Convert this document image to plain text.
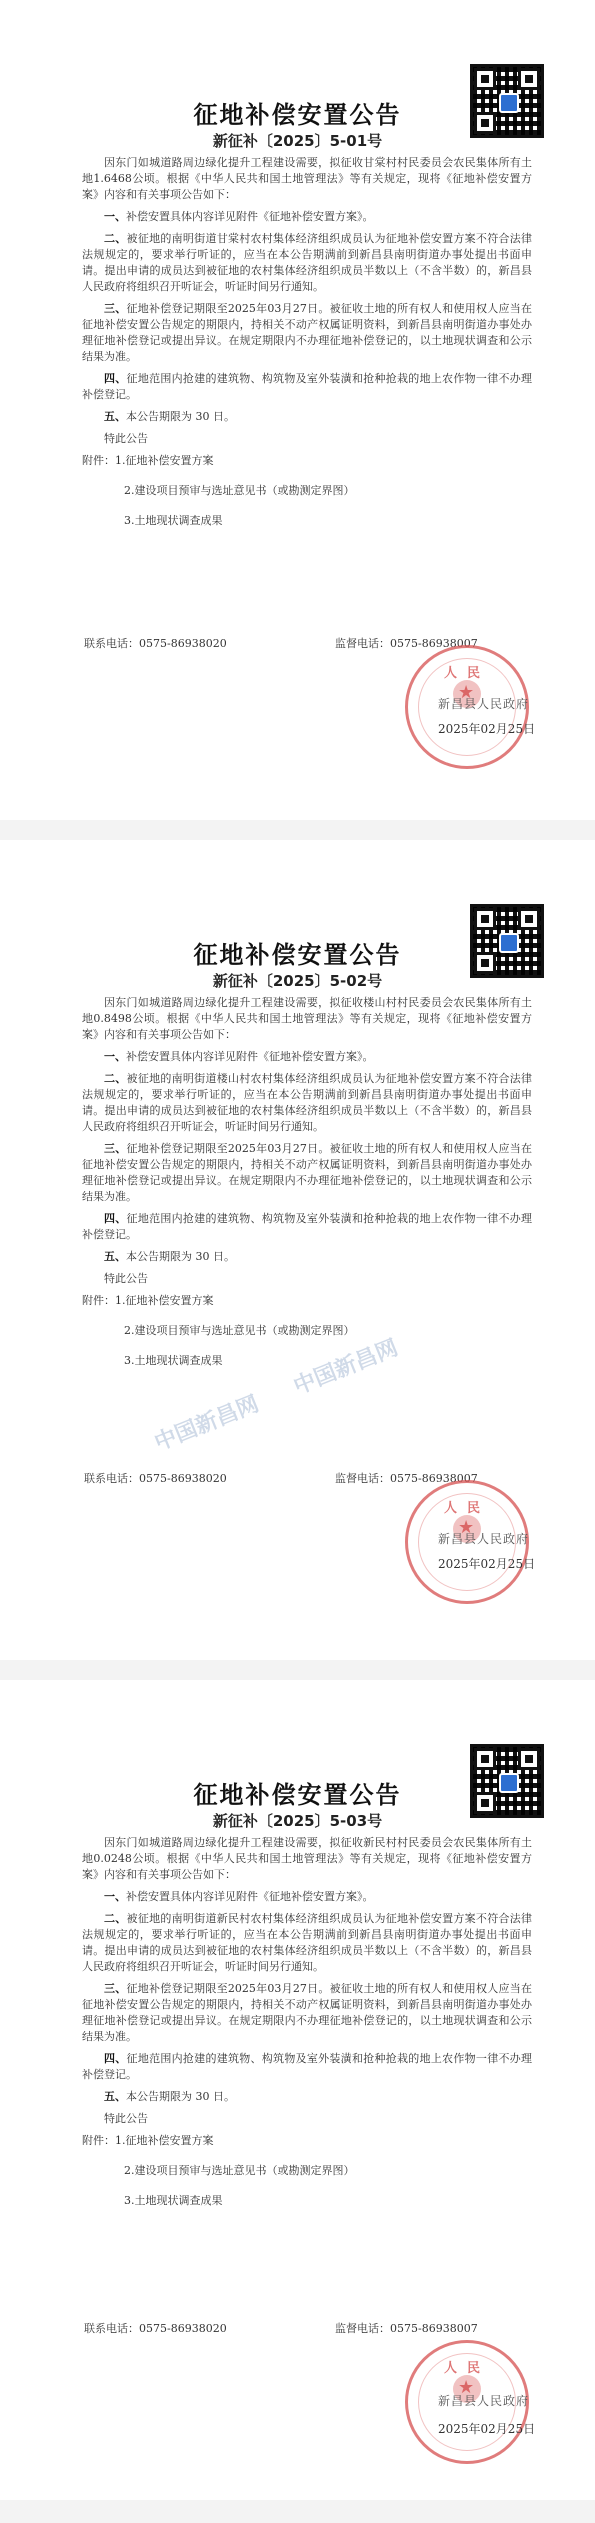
征地补偿安置公告
新征补〔2025〕5-01号

因东门如城道路周边绿化提升工程建设需要，拟征收甘棠村村民委员会农民集体所有土地1.6468公顷。根据《中华人民共和国土地管理法》等有关规定，现将《征地补偿安置方案》内容和有关事项公告如下：

一、补偿安置具体内容详见附件《征地补偿安置方案》。

二、被征地的南明街道甘棠村农村集体经济组织成员认为征地补偿安置方案不符合法律法规规定的，要求举行听证的，应当在本公告期满前到新昌县南明街道办事处提出书面申请。提出申请的成员达到被征地的农村集体经济组织成员半数以上（不含半数）的，新昌县人民政府将组织召开听证会，听证时间另行通知。

三、征地补偿登记期限至2025年03月27日。被征收土地的所有权人和使用权人应当在征地补偿安置公告规定的期限内，持相关不动产权属证明资料，到新昌县南明街道办事处办理征地补偿登记或提出异议。在规定期限内不办理征地补偿登记的，以土地现状调查和公示结果为准。

四、征地范围内抢建的建筑物、构筑物及室外装潢和抢种抢栽的地上农作物一律不办理补偿登记。

五、本公告期限为 30 日。

特此公告

附件：1.征地补偿安置方案
2.建设项目预审与选址意见书（或勘测定界图）
3.土地现状调查成果
联系电话：0575-86938020	监督电话：0575-86938007
人民
★
新昌县人民政府
2025年02月25日
征地补偿安置公告
新征补〔2025〕5-02号

因东门如城道路周边绿化提升工程建设需要，拟征收楼山村村民委员会农民集体所有土地0.8498公顷。根据《中华人民共和国土地管理法》等有关规定，现将《征地补偿安置方案》内容和有关事项公告如下：

一、补偿安置具体内容详见附件《征地补偿安置方案》。

二、被征地的南明街道楼山村农村集体经济组织成员认为征地补偿安置方案不符合法律法规规定的，要求举行听证的，应当在本公告期满前到新昌县南明街道办事处提出书面申请。提出申请的成员达到被征地的农村集体经济组织成员半数以上（不含半数）的，新昌县人民政府将组织召开听证会，听证时间另行通知。

三、征地补偿登记期限至2025年03月27日。被征收土地的所有权人和使用权人应当在征地补偿安置公告规定的期限内，持相关不动产权属证明资料，到新昌县南明街道办事处办理征地补偿登记或提出异议。在规定期限内不办理征地补偿登记的，以土地现状调查和公示结果为准。

四、征地范围内抢建的建筑物、构筑物及室外装潢和抢种抢栽的地上农作物一律不办理补偿登记。

五、本公告期限为 30 日。

特此公告

附件：1.征地补偿安置方案
2.建设项目预审与选址意见书（或勘测定界图）
3.土地现状调查成果
联系电话：0575-86938020	监督电话：0575-86938007
人民
★
新昌县人民政府
2025年02月25日
征地补偿安置公告
新征补〔2025〕5-03号

因东门如城道路周边绿化提升工程建设需要，拟征收新民村村民委员会农民集体所有土地0.0248公顷。根据《中华人民共和国土地管理法》等有关规定，现将《征地补偿安置方案》内容和有关事项公告如下：

一、补偿安置具体内容详见附件《征地补偿安置方案》。

二、被征地的南明街道新民村农村集体经济组织成员认为征地补偿安置方案不符合法律法规规定的，要求举行听证的，应当在本公告期满前到新昌县南明街道办事处提出书面申请。提出申请的成员达到被征地的农村集体经济组织成员半数以上（不含半数）的，新昌县人民政府将组织召开听证会，听证时间另行通知。

三、征地补偿登记期限至2025年03月27日。被征收土地的所有权人和使用权人应当在征地补偿安置公告规定的期限内，持相关不动产权属证明资料，到新昌县南明街道办事处办理征地补偿登记或提出异议。在规定期限内不办理征地补偿登记的，以土地现状调查和公示结果为准。

四、征地范围内抢建的建筑物、构筑物及室外装潢和抢种抢栽的地上农作物一律不办理补偿登记。

五、本公告期限为 30 日。

特此公告

附件：1.征地补偿安置方案
2.建设项目预审与选址意见书（或勘测定界图）
3.土地现状调查成果
联系电话：0575-86938020	监督电话：0575-86938007
人民
★
新昌县人民政府
2025年02月25日
中国新昌网中国新昌网
